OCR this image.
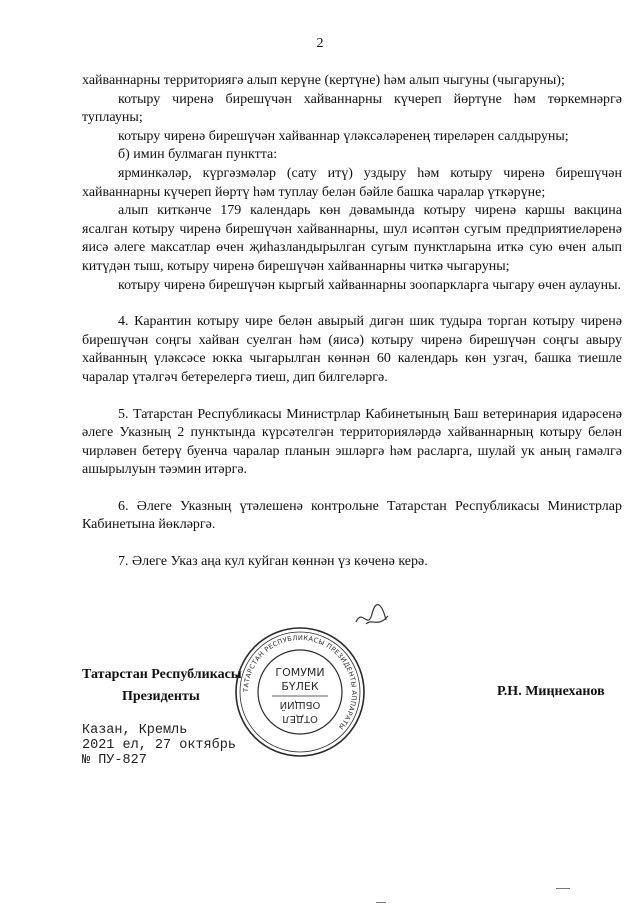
2

хайваннарны территориягә алып керүне (кертүне) һәм алып чыгуны (чыгаруны);

котыру чиренә бирешүчән хайваннарны күчереп йөртүне һәм төркемнәргә туплауны;

котыру чиренә бирешүчән хайваннар үләксәләренең тиреләрен салдыруны;

б) имин булмаган пунктта:

ярминкәләр, күргәзмәләр (сату итү) уздыру һәм котыру чиренә бирешүчән хайваннарны күчереп йөртү һәм туплау белән бәйле башка чаралар үткәрүне;

алып киткәнче 179 календарь көн дәвамында котыру чиренә каршы вакцина ясалган котыру чиренә бирешүчән хайваннарны, шул исәптән сугым предприятиеләренә яисә әлеге максатлар өчен җиһазландырылган сугым пунктларына иткә сую өчен алып китүдән тыш, котыру чиренә бирешүчән хайваннарны читкә чыгаруны;

котыру чиренә бирешүчән кыргый хайваннарны зоопаркларга чыгару өчен аулауны.

4. Карантин котыру чире белән авырый дигән шик тудыра торган котыру чиренә бирешүчән соңгы хайван суелган һәм (яисә) котыру чиренә бирешүчән соңгы авыру хайванның үләксәсе юкка чыгарылган көннән 60 календарь көн узгач, башка тиешле чаралар үтәлгәч бетерелергә тиеш, дип билгеләргә.

5. Татарстан Республикасы Министрлар Кабинетының Баш ветеринария идарәсенә әлеге Указның 2 пунктында күрсәтелгән территорияләрдә хайваннарның котыру белән чирләвен бетерү буенча чаралар планын эшләргә һәм расларга, шулай ук аның гамәлгә ашырылуын тәэмин итәргә.

6. Әлеге Указның үтәлешенә контрольне Татарстан Республикасы Министрлар Кабинетына йөкләргә.

7. Әлеге Указ аңа кул куйган көннән үз көченә керә.

ТАТАРСТАН РЕСПУБЛИКАСЫ ПРЕЗИДЕНТЫ АППАРАТЫ
ГОМУМИ
БҮЛЕК
ОТДЕЛ
ОБЩИЙ
Татарстан Республикасы
Президенты	Р.Н. Миңнеханов
Казан, Кремль
2021 ел, 27 октябрь
№ ПУ-827
